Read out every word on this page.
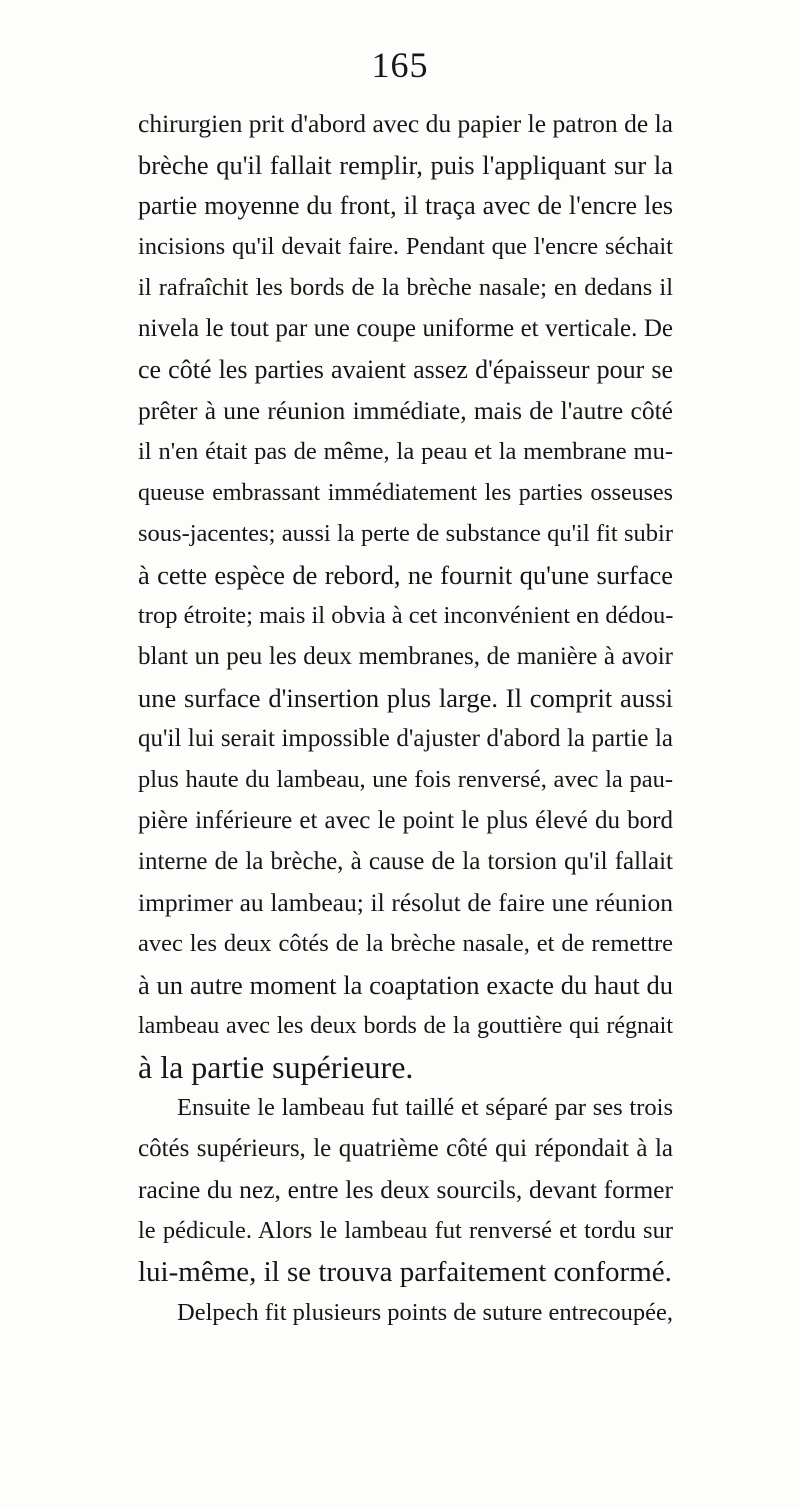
165
chirurgien prit d'abord avec du papier le patron de la
brèche qu'il fallait remplir, puis l'appliquant sur la
partie moyenne du front, il traça avec de l'encre les
incisions qu'il devait faire. Pendant que l'encre séchait
il rafraîchit les bords de la brèche nasale; en dedans il
nivela le tout par une coupe uniforme et verticale. De
ce côté les parties avaient assez d'épaisseur pour se
prêter à une réunion immédiate, mais de l'autre côté
il n'en était pas de même, la peau et la membrane mu-
queuse embrassant immédiatement les parties osseuses
sous-jacentes; aussi la perte de substance qu'il fit subir
à cette espèce de rebord, ne fournit qu'une surface
trop étroite; mais il obvia à cet inconvénient en dédou-
blant un peu les deux membranes, de manière à avoir
une surface d'insertion plus large. Il comprit aussi
qu'il lui serait impossible d'ajuster d'abord la partie la
plus haute du lambeau, une fois renversé, avec la pau-
pière inférieure et avec le point le plus élevé du bord
interne de la brèche, à cause de la torsion qu'il fallait
imprimer au lambeau; il résolut de faire une réunion
avec les deux côtés de la brèche nasale, et de remettre
à un autre moment la coaptation exacte du haut du
lambeau avec les deux bords de la gouttière qui régnait
à la partie supérieure.
Ensuite le lambeau fut taillé et séparé par ses trois
côtés supérieurs, le quatrième côté qui répondait à la
racine du nez, entre les deux sourcils, devant former
le pédicule. Alors le lambeau fut renversé et tordu sur
lui-même, il se trouva parfaitement conformé.
Delpech fit plusieurs points de suture entrecoupée,
